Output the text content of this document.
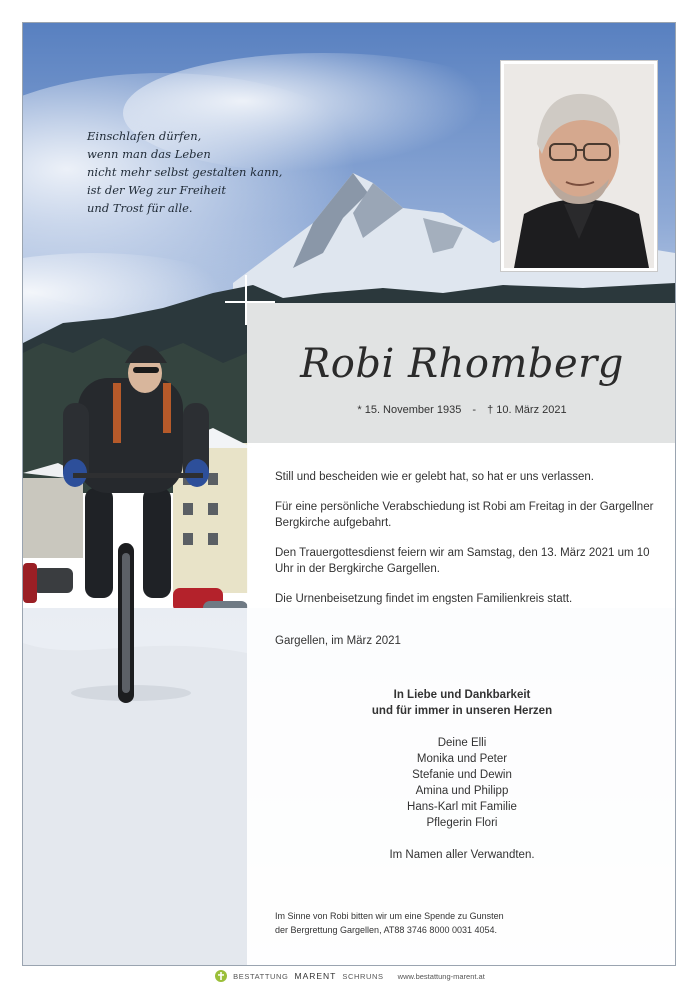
Einschlafen dürfen,
wenn man das Leben
nicht mehr selbst gestalten kann,
ist der Weg zur Freiheit
und Trost für alle.
Robi Rhomberg
* 15. November 1935 - † 10. März 2021

Still und bescheiden wie er gelebt hat, so hat er uns verlassen.

Für eine persönliche Verabschiedung ist Robi am Freitag in der Gargellner Bergkirche aufgebahrt.

Den Trauergottesdienst feiern wir am Samstag, den 13. März 2021 um 10 Uhr in der Bergkirche Gargellen.

Die Urnenbeisetzung findet im engsten Familienkreis statt.

Gargellen, im März 2021

In Liebe und Dankbarkeit
und für immer in unseren Herzen
Deine Elli
Monika und Peter
Stefanie und Dewin
Amina und Philipp
Hans-Karl mit Familie
Pflegerin Flori
Im Namen aller Verwandten.
Im Sinne von Robi bitten wir um eine Spende zu Gunsten
der Bergrettung Gargellen, AT88 3746 8000 0031 4054.
BESTATTUNG MARENT SCHRUNS www.bestattung-marent.at
